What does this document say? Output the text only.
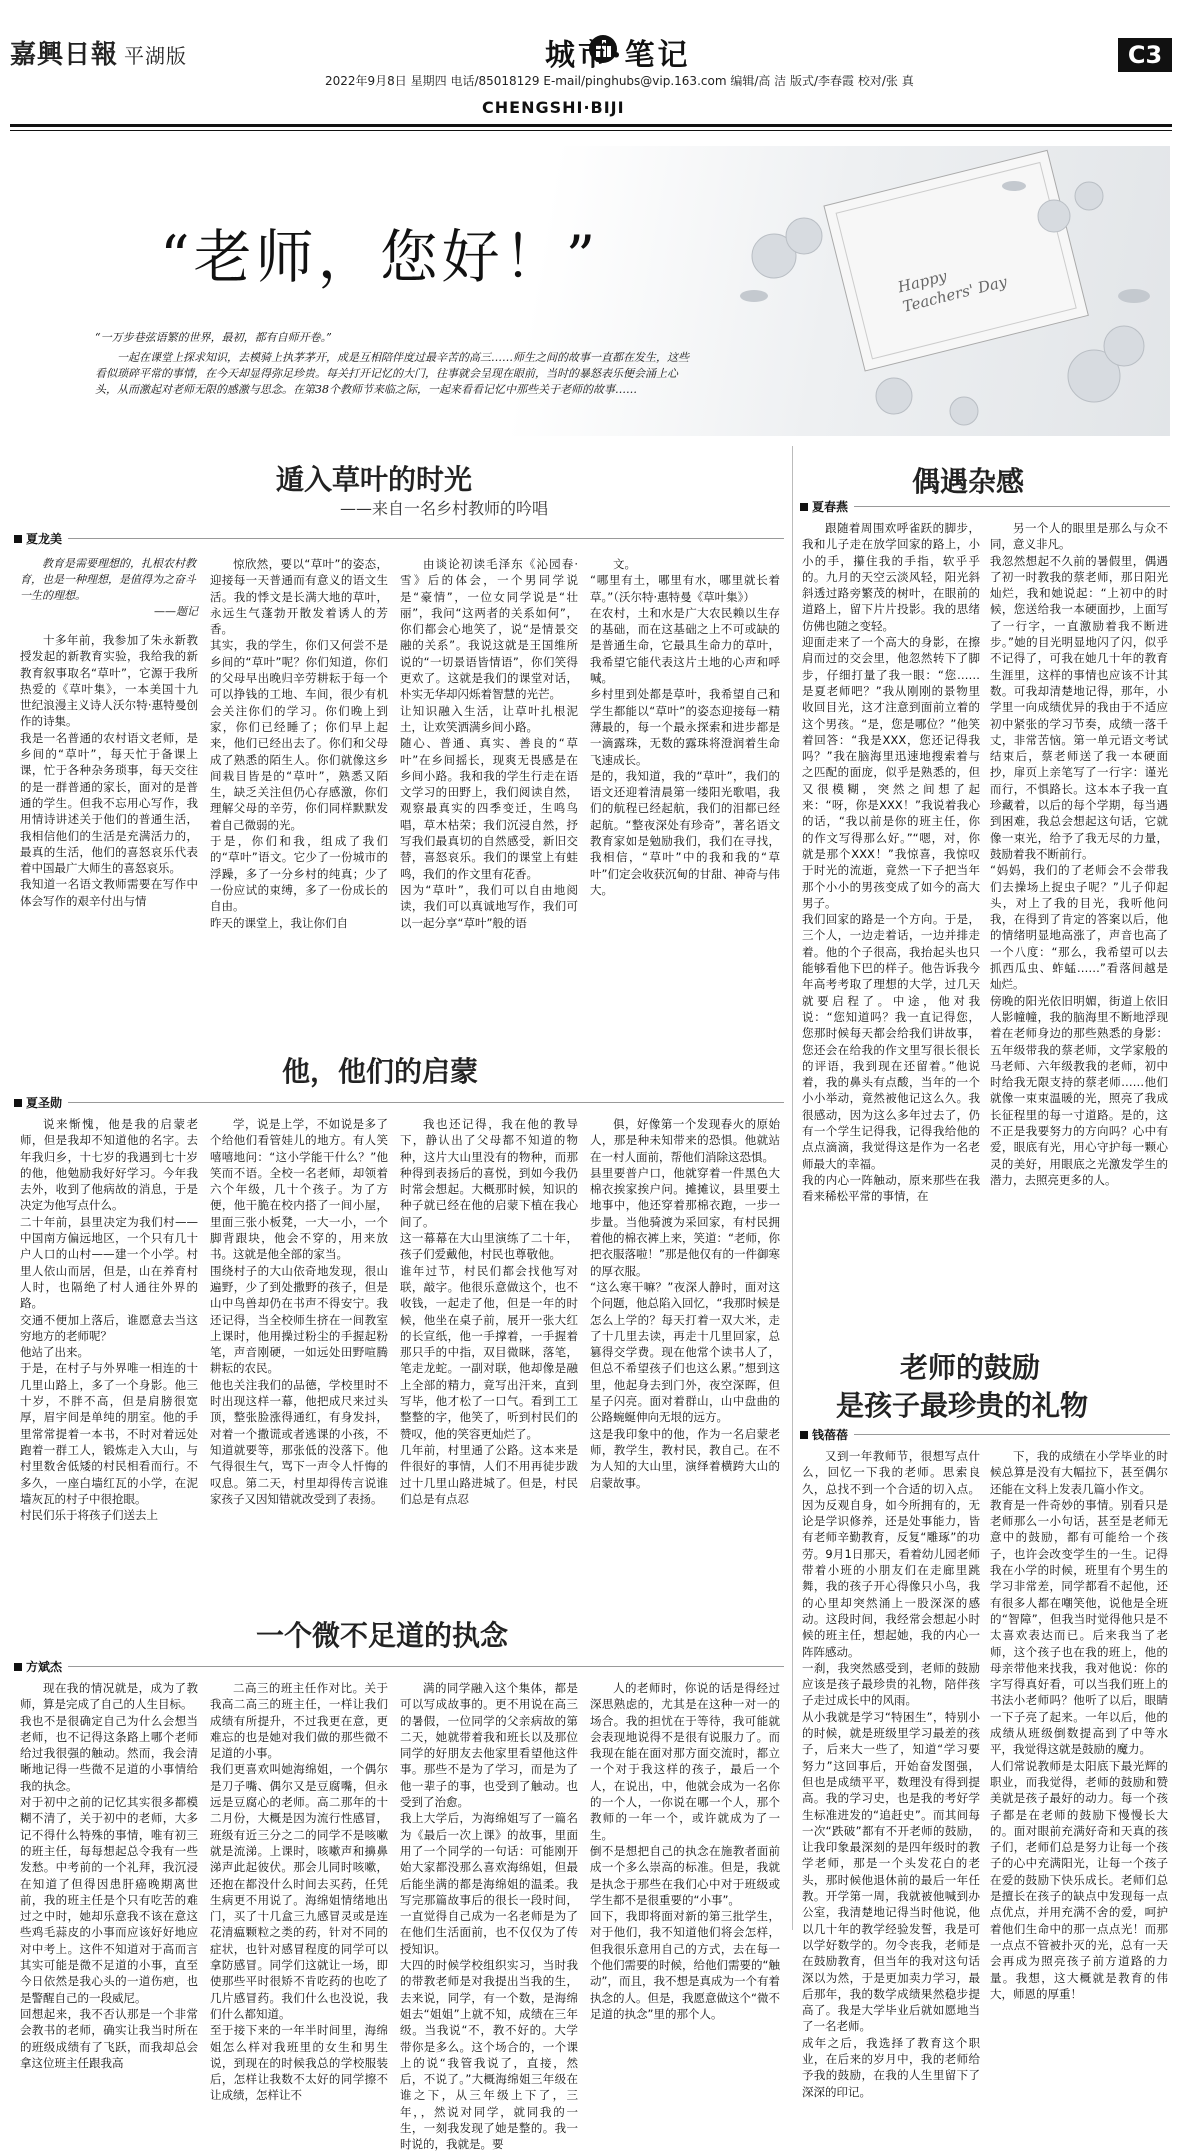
嘉興日報 平湖版	城市·笔记	C3
2022年9月8日 星期四 电话/85018129 E-mail/pinghubs@vip.163.com 编辑/高 洁 版式/李春霞 校对/张 真
CHENGSHI·BIJI
Happy Teachers' Day
“老师，您好！”
“一万步巷弦语繁的世界，最初，都有自师开卷。”

一起在课堂上探求知识，去模骑上执茅茅开，成是互相陪伴度过最辛苦的高三……师生之间的故事一直都在发生，这些看似琐碎平常的事情，在今天却显得弥足珍贵。每关打开记忆的大门，往事就会呈现在眼前，当时的暴怒表乐便会涌上心头，从而激起对老师无限的感激与思念。在第38个教师节来临之际，一起来看看记忆中那些关于老师的故事……

遁入草叶的时光
——来自一名乡村教师的吟唱
夏龙美
教育是需要理想的，扎根农村教育，也是一种理想，是值得为之奋斗一生的理想。
——题记
十多年前，我参加了朱永新教授发起的新教育实验，我给我的新教育叙事取名“草叶”，它源于我所热爱的《草叶集》，一本美国十九世纪浪漫主义诗人沃尔特·惠特曼创作的诗集。
我是一名普通的农村语文老师，是乡间的“草叶”，每天忙于备课上课，忙于各种杂务琐事，每天交往的是一群普通的家长，面对的是普通的学生。但我不忘用心写作，我用情诗讲述关于他们的普通生活，我相信他们的生活是充满活力的，最真的生活，他们的喜怒哀乐代表着中国最广大师生的喜怒哀乐。
我知道一名语文教师需要在写作中体会写作的艰辛付出与情
惊欣然，要以“草叶”的姿态，迎接每一天普通而有意义的语文生活。我的悸文是长满大地的草叶，永远生气蓬勃开散发着诱人的芳香。
其实，我的学生，你们又何尝不是乡间的“草叶”呢？你们知道，你们的父母早出晚归辛劳耕耘于每一个可以挣钱的工地、车间，很少有机会关注你们的学习。你们晚上到家，你们已经睡了；你们早上起来，他们已经出去了。你们和父母成了熟悉的陌生人。你们就像这乡间栽目皆是的“草叶”，熟悉又陌生，缺乏关注但仍心存感激，你们理解父母的辛劳，你们同样默默发着自己微弱的光。
于是，你们和我，组成了我们的“草叶”语文。它少了一份城市的浮躁，多了一分乡村的纯真；少了一份应试的束缚，多了一份成长的自由。
昨天的课堂上，我让你们自
由谈论初读毛泽东《沁园春·雪》后的体会，一个男同学说是“豪情”，一位女同学说是“壮丽”，我问“这两者的关系如何”，你们都会心地笑了，说“是情景交融的关系”。我说这就是王国维所说的“一切景语皆情语”，你们笑得更欢了。这就是我们的课堂对话，朴实无华却闪烁着智慧的光芒。
让知识融入生活，让草叶扎根泥土，让欢笑洒满乡间小路。
随心、普通、真实、善良的“草叶”在乡间摇长，现爽无畏感是在乡间小路。我和我的学生行走在语文学习的田野上，我们阅读自然，观察最真实的四季变迁，生鸣鸟唱，草木枯荣；我们沉浸自然，抒写我们最真切的自然感受，新旧交替，喜怒哀乐。我们的课堂上有蛙鸣，我们的作文里有花香。
因为“草叶”，我们可以自由地阅读，我们可以真诚地写作，我们可以一起分享“草叶”般的语
文。
“哪里有土，哪里有水，哪里就长着草。”（沃尔特·惠特曼《草叶集》）
在农村，土和水是广大农民赖以生存的基础，而在这基础之上不可或缺的是普通生命，它最具生命力的草叶，我希望它能代表这片土地的心声和呼喊。
乡村里到处都是草叶，我希望自己和学生都能以“草叶”的姿态迎接每一精薄最的，每一个最永探索和进步都是一滴露珠，无数的露珠将澄润着生命飞速成长。
是的，我知道，我的“草叶”，我们的语文还迎着清晨第一缕阳光歌唱，我们的航程已经起航，我们的泪都已经起航。“整夜深处有珍奇”，著名语文教育家如是勉励我们，我们在寻找，我相信，“草叶”中的我和我的“草叶”们定会收获沉甸的甘甜、神奇与伟大。
他，他们的启蒙
夏圣勋
说来惭愧，他是我的启蒙老师，但是我却不知道他的名字。去年我归乡，十七岁的我遇到七十岁的他，他勉励我好好学习。今年我去外，收到了他病故的消息，于是决定为他写点什么。
二十年前，县里决定为我们村——中国南方偏远地区，一个只有几十户人口的山村——建一个小学。村里人依山而居，但是，山在养育村人时，也隔绝了村人通往外界的路。
交通不便加上落后，谁愿意去当这穷地方的老师呢？
他站了出来。
于是，在村子与外界唯一相连的十几里山路上，多了一个身影。他三十岁，不胖不高，但是肩膀很宽厚，眉宇间是单纯的朋室。他的手里常常提着一本书，不时对着远处跑着一群工人，锻炼走入大山，与村里数舍低矮的村民相看而行。不多久，一座白墙红瓦的小学，在泥墙灰瓦的村子中很抢眼。
村民们乐于将孩子们送去上
学，说是上学，不如说是多了个给他们看管娃儿的地方。有人笑嘻嘻地问：“这小学能干什么？”他笑而不语。全校一名老师，却领着六个年级，几十个孩子。为了方便，他干脆在校内搭了一间小屋，里面三张小板凳，一大一小，一个脚背跟块，他会不穿的，用来放书。这就是他全部的家当。
围绕村子的大山依奇地发现，很山遍野，少了到处撒野的孩子，但是山中鸟兽却仍在书声不得安宁。我还记得，当全校师生挤在一间教室上课时，他用操过粉尘的手握起粉笔，声音刚硬，一如远处田野喧腾耕耘的农民。
他也关注我们的品德，学校里时不时出现这样一幕，他把成尺来过头顶，整张脸涨得通红，有身发抖，对着一个撒谎或者逃课的小孩，不知道就要等，那张低的没落下。他气得很生气，骂下一声令人忏悔的叹息。第二天，村里却得传言说谁家孩子又因知错就改受到了表扬。
我也还记得，我在他的教导下，静认出了父母都不知道的物种，这片大山里没有的物种，而那种得到表扬后的喜悦，到如今我仍时常会想起。大概那时候，知识的种子就已经在他的启蒙下植在我心间了。
这一幕幕在大山里演练了二十年，孩子们爱戴他，村民也尊敬他。
谁年过节，村民们都会找他写对联，敲字。他很乐意做这个，也不收钱，一起走了他，但是一年的时候，他坐在桌子前，展开一张大红的长宣纸，他一手撑着，一手握着那只手的中指，双目微眯，落笔，笔走龙蛇。一副对联，他却像是融上全部的精力，竟写出汗来，直到写毕，他才松了一口气。看到工工整整的字，他笑了，听到村民们的赞叹，他的笑容更灿烂了。
几年前，村里通了公路。这本来是件很好的事情，人们不用再徒步跋过十几里山路进城了。但是，村民们总是有点忍
俱，好像第一个发现春火的原始人，那是种未知带来的恐惧。他就站在一村人面前，帮他们消除这恐惧。
县里要普户口，他就穿着一件黑色大棉衣挨家挨户问。摊摊议，县里要土地事中，他还穿着那棉衣跑，一步一步量。当他骑渡为采回家，有村民拥着他的棉衣裤上来，笑道：“老师，你把衣服落啦！”那是他仅有的一件御寒的厚衣服。
“这么寒干嘛？”夜深人静时，面对这个问题，他总陷入回忆，“我那时候是怎么上学的？每天打着一双大米，走了十几里去读，再走十几里回家，总篡得交学费。现在他常个读书人了，但总不希望孩子们也这么累。”想到这里，他起身去到门外，夜空深晖，但星子闪亮。面对着群山，山中盘曲的公路蜿蜒伸向无垠的远方。
这是我印象中的他，作为一名启蒙老师，教学生，教村民，教自己。在不为人知的大山里，演绎着横跨大山的启蒙故事。
一个微不足道的执念
方斌杰
现在我的情况就是，成为了教师，算是完成了自己的人生目标。
我也不是很确定自己为什么会想当老师，也不记得这条路上哪个老师给过我很强的触动。然而，我会清晰地记得一些微不足道的小事情给我的执念。
对于初中之前的记忆其实很多都模糊不清了，关于初中的老师，大多记不得什么特殊的事情，唯有初三的班主任，每每想起总令我有一些发愁。中考前的一个礼拜，我沉浸在知道了但得因患肝癌晚期离世前，我的班主任是个只有吃苦的难过之中时，她却乐意我不该在意这些鸡毛蒜皮的小事而应该好好地应对中考上。这件不知道对于高而言其实可能是微不足道的小事，直至今日依然是我心头的一道伤疤，也是警醒自己的一段威尼。
回想起来，我不否认那是一个非常会教书的老师，确实让我当时所在的班级成绩有了飞跃，而我却总会拿这位班主任跟我高
二高三的班主任作对比。关于我高二高三的班主任，一样让我们成绩有所提升，不过我更在意，更难忘的也是她对我们做的那些微不足道的小事。
我们更喜欢叫她海绵姐，一个偶尔是刀子嘴、偶尔又是豆腐嘴，但永远是豆腐心的老师。高二那年的十二月份，大概是因为流行性感冒，班级有近三分之二的同学不是咳嗽就是流涕。上课时，咳嗽声和擤鼻涕声此起彼伏。那会儿同时咳嗽，还抱在都没什么时间去买药，任凭生病更不用说了。海绵姐情绪地出门，买了十几盒三九感冒灵或是连花清瘟颗粒之类的药，针对不同的症状，也针对感冒程度的同学可以拿防感冒。同学们这就让一场，即使那些平时很矫不肯吃药的也吃了几片感冒药。我们什么也没说，我们什么都知道。
至于接下来的一年半时间里，海绵姐怎么样对我班里的女生和男生说，到现在的时候我总的学校服装后，怎样让我数不太好的同学擦不让成绩，怎样让不
满的同学融入这个集体，都是可以写成故事的。更不用说在高三的暑假，一位同学的父亲病故的第二天，她就带着我和班长以及那位同学的好朋友去他家里看望他这件事。那些不是为了学习，而是为了他一辈子的事，也受到了触动。也受到了治愈。
我上大学后，为海绵姐写了一篇名为《最后一次上课》的故事，里面用了一个同学的一句话：可能刚开始大家都没那么喜欢海绵姐，但最后能坐满的都是海绵姐的温柔。我写完那篇故事后的很长一段时间，一直觉得自己成为一名老师是为了在他们生活面前，也不仅仅为了传授知识。
大四的时候学校组织实习，当时我的带教老师是对我提出当我的生，去来说，同学，有一个数，是海绵姐去“姐姐”上就不知，成绩在三年级。当我说“不，教不好的。大学带你是多么。这个场合的，一个课上的说“我管我说了，直接，然后，不说了。”大概海绵姐三年级在谁之下，从三年级上下了，三年，，然说对同学，就同我的一生，一刻我发现了她是整的。我一时说的，我就是。要
人的老师时，你说的话是得经过深思熟虑的，尤其是在这种一对一的场合。我的担忧在于等待，我可能就会表现地说得不是很有说服力了。而我现在能在面对那方面交流时，都立一个对于我这样的孩子，最后一个人，在说出，中，他就会成为一名你的一个人，一你说在哪一个人，那个教师的一年一个，或许就成为了一生。
倒不是想把自己的执念在施教者面前成一个多么崇高的标准。但是，我就是执念于那些在我们心中对于班级或学生都不是很重要的“小事”。
回下，我即将面对新的第三批学生，对于他们，我不知道他们将会怎样，但我很乐意用自己的方式，去在每一个他们需要的时候，给他们需要的“触动”，而且，我不想是真成为一个有着执念的人。但是，我愿意做这个“微不足道的执念”里的那个人。
偶遇杂感
夏春燕
跟随着周围欢呼雀跃的脚步，我和儿子走在放学回家的路上，小小的手，攥住我的手指，软乎乎的。九月的天空云淡风轻，阳光斜斜透过路旁繁茂的树叶，在眼前的道路上，留下片片投影。我的思绪仿佛也随之变轻。
迎面走来了一个高大的身影，在擦肩而过的交会里，他忽然转下了脚步，仔细打量了我一眼：“您……是夏老师吧？”我从刚刚的景物里收回目光，这才注意到面前立着的这个男孩。“是，您是哪位？”他笑着回答：“我是XXX，您还记得我吗？”我在脑海里迅速地搜索着与之匹配的面庞，似乎是熟悉的，但又很模糊，突然之间想了起来：“呀，你是XXX！”我说着我心的话，“我以前是你的班主任，你的作文写得那么好。”“嗯，对，你就是那个XXX！”我惊喜，我惊叹于时光的流逝，竟然一下子把当年那个小小的男孩变成了如今的高大男子。
我们回家的路是一个方向。于是，三个人，一边走着话，一边并排走着。他的个子很高，我抬起头也只能够看他下巴的样子。他告诉我今年高考考取了理想的大学，过几天就要启程了。中途，他对我说：“您知道吗？我一直记得您，您那时候每天都会给我们讲故事，您还会在给我的作文里写很长很长的评语，我到现在还留着。”他说着，我的鼻头有点酸，当年的一个小小举动，竟然被他记这么久。我很感动，因为这么多年过去了，仍有一个学生记得我，记得我给他的点点滴滴，我觉得这是作为一名老师最大的幸福。
我的内心一阵触动，原来那些在我看来稀松平常的事情，在
另一个人的眼里是那么与众不同，意义非凡。
我忽然想起不久前的暑假里，偶遇了初一时教我的蔡老师，那日阳光灿烂，我和她说起：“上初中的时候，您送给我一本硬面抄，上面写了一行字，一直激励着我不断进步。”她的目光明显地闪了闪，似乎不记得了，可我在她几十年的教育生涯里，这样的事情也应该不计其数。可我却清楚地记得，那年，小学里一向成绩优异的我由于不适应初中紧张的学习节奏，成绩一落千丈，非常苦恼。第一单元语文考试结束后，蔡老师送了我一本硬面抄，扉页上亲笔写了一行字：谨光而行，不惧路长。这本本子我一直珍藏着，以后的每个学期，每当遇到困难，我总会想起这句话，它就像一束光，给予了我无尽的力量，鼓励着我不断前行。
“妈妈，我们的了老师会不会带我们去操场上捉虫子呢？”儿子仰起头，对上了我的目光，我听他问我，在得到了肯定的答案以后，他的情绪明显地高涨了，声音也高了一个八度：“那么，我希望可以去抓西瓜虫、蚱蜢……”看落间越是灿烂。
傍晚的阳光依旧明媚，街道上依旧人影幢幢，我的脑海里不断地浮现着在老师身边的那些熟悉的身影：五年级带我的蔡老师，文学家般的马老师、六年级教我的老师，初中时给我无限支持的蔡老师……他们就像一束束温暖的光，照亮了我成长征程里的每一寸道路。是的，这不正是我要努力的方向吗？心中有爱，眼底有光，用心守护每一颗心灵的美好，用眼底之光激发学生的潜力，去照亮更多的人。
老师的鼓励
是孩子最珍贵的礼物
钱蓓蓓
又到一年教师节，很想写点什么，回忆一下我的老师。思索良久，总找不到一个合适的切入点。因为反观自身，如今所拥有的，无论是学识修养，还是处事能力，皆有老师辛勤教育，反复“雕琢”的功劳。9月1日那天，看着幼儿园老师带着小班的小朋友们在走廊里跳舞，我的孩子开心得像只小鸟，我的心里却突然涌上一股深深的感动。这段时间，我经常会想起小时候的班主任，想起她，我的内心一阵阵感动。
一刹，我突然感受到，老师的鼓励应该是孩子最珍贵的礼物，陪伴孩子走过成长中的风雨。
从小我就是学习“特困生”，特别小的时候，就是班级里学习最差的孩子，后来大一些了，知道“学习要努力”这回事后，开始奋发图强，但也是成绩平平，数理没有得到提高。我的学习史，也是我的考好学生标准进发的“追赶史”。而其间每一次“跌破”都有不开老师的鼓励，让我印象最深刻的是四年级时的教学老师，那是一个头发花白的老头，那时候他退休前的最后一年任教。开学第一周，我就被他喊到办公室，我清楚地记得当时他说，他以几十年的教学经验发誓，我是可以学好数学的。勿令丧我，老师是在鼓励教育，但当年的我对这句话深以为然，于是更加卖力学习，最后那年，我的数学成绩果然稳步提高了。我是大学毕业后就如愿地当了一名老师。
成年之后，我选择了教育这个职业，在后来的岁月中，我的老师给予我的鼓励，在我的人生里留下了深深的印记。
下，我的成绩在小学毕业的时候总算是没有大幅拉下，甚至偶尔还能在文科上发表几篇小作文。
教育是一件奇妙的事情。别看只是老师那么一小句话，甚至是老师无意中的鼓励，都有可能给一个孩子，也许会改变学生的一生。记得我在小学的时候，班里有个男生的学习非常差，同学都看不起他，还有很多人都在嘲笑他，说他是全班的“智障”，但我当时觉得他只是不太喜欢表达而已。后来我当了老师，这个孩子也在我的班上，他的母亲带他来找我，我对他说：你的字写得真好看，可以当我们班上的书法小老师吗？他听了以后，眼睛一下子亮了起来。一年以后，他的成绩从班级倒数提高到了中等水平，我觉得这就是鼓励的魔力。
人们常说教师是太阳底下最光辉的职业，而我觉得，老师的鼓励和赞美就是孩子最好的动力。每一个孩子都是在老师的鼓励下慢慢长大的。面对眼前充满好奇和天真的孩子们，老师们总是努力让每一个孩子的心中充满阳光，让每一个孩子在爱的鼓励下快乐成长。老师们总是擅长在孩子的缺点中发现每一点点优点，并用充满不舍的爱，呵护着他们生命中的那一点点光！而那一点点不管被扑灭的光，总有一天会再成为照亮孩子前方道路的力量。我想，这大概就是教育的伟大，师恩的厚重！
